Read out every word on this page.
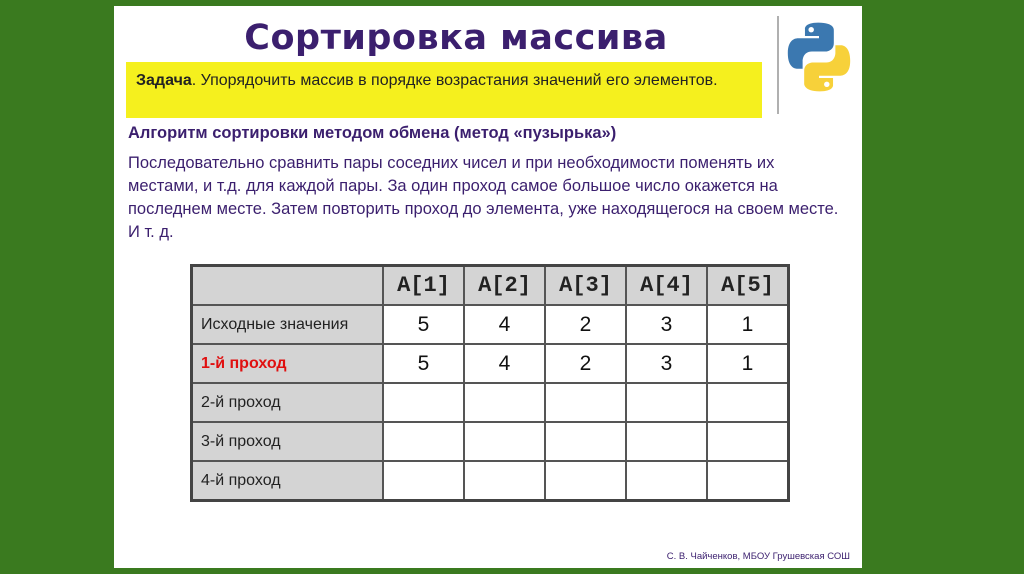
Сортировка массива
Задача. Упорядочить массив в порядке возрастания значений его элементов.
Алгоритм сортировки методом обмена (метод «пузырька»)
Последовательно сравнить пары соседних чисел и при необходимости поменять их местами, и т.д. для каждой пары. За один проход самое большое число окажется на последнем месте. Затем повторить проход до элемента, уже находящегося на своем месте. И т. д.
	A[1]	A[2]	A[3]	A[4]	A[5]
Исходные значения	5	4	2	3	1
1-й проход	5	4	2	3	1
2-й проход					
3-й проход					
4-й проход					
С. В. Чайченков, МБОУ Грушевская СОШ
